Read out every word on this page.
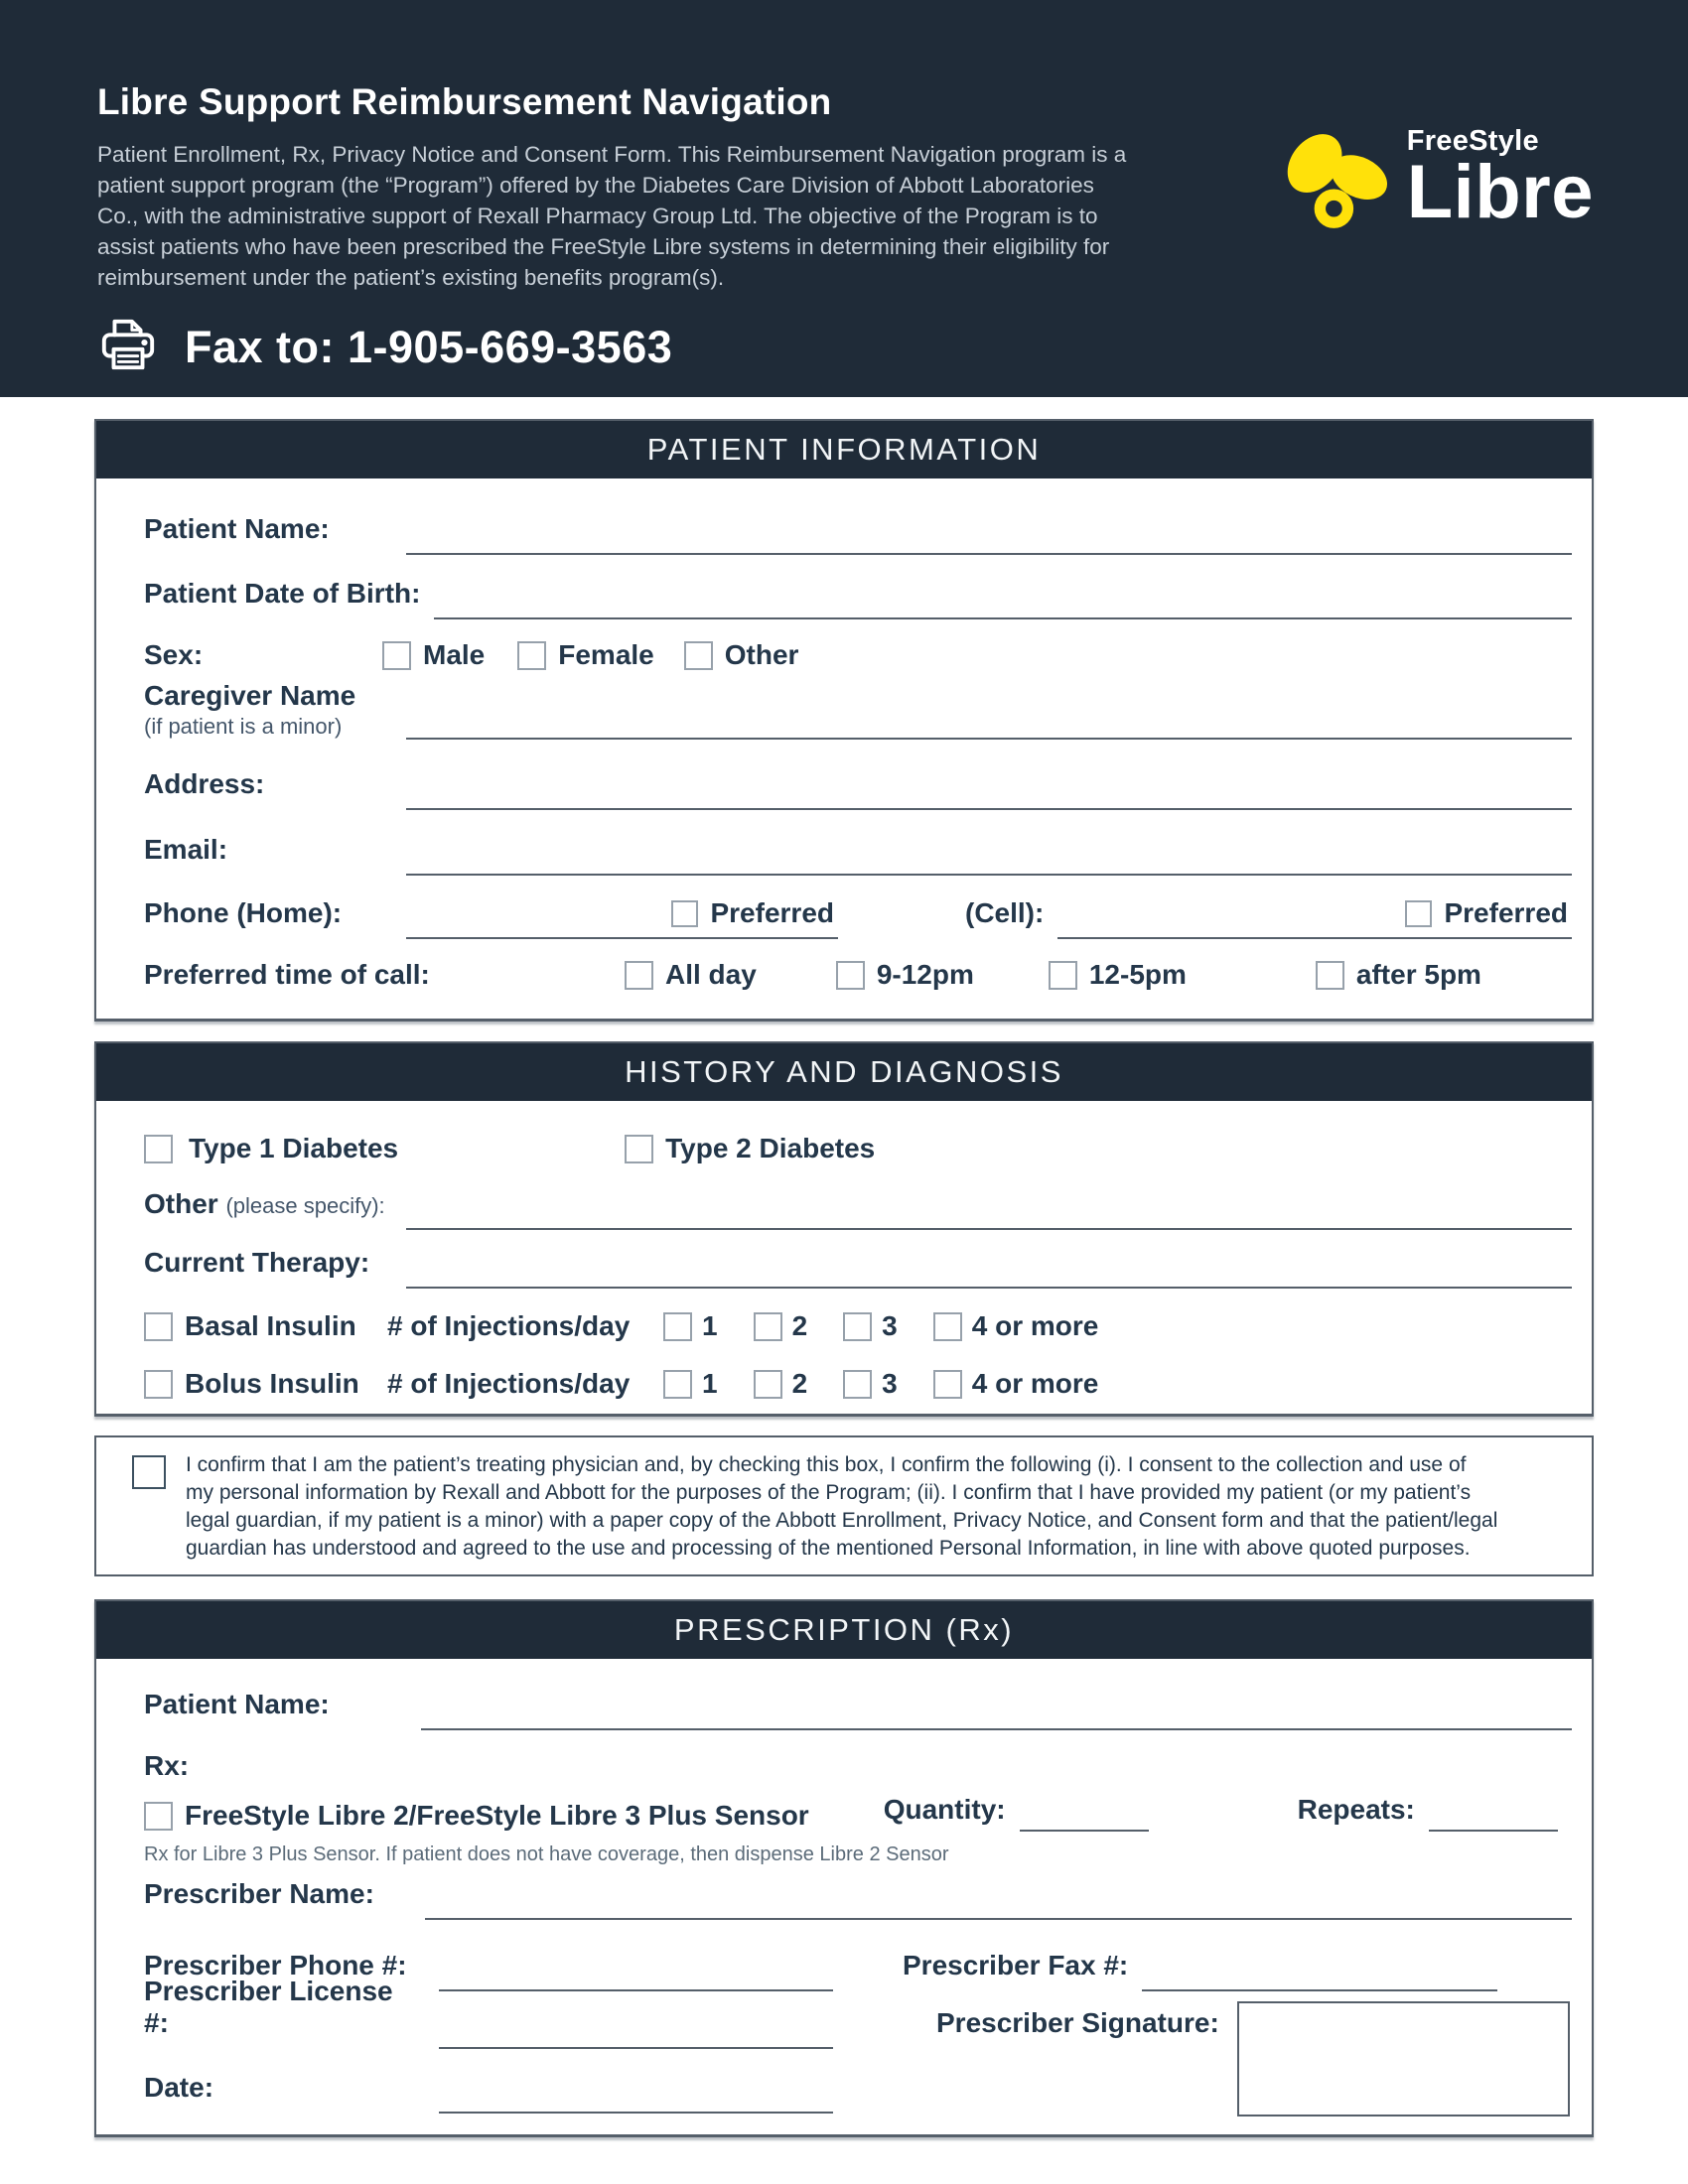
Libre Support Reimbursement Navigation
Patient Enrollment, Rx, Privacy Notice and Consent Form. This Reimbursement Navigation program is a
patient support program (the “Program”) offered by the Diabetes Care Division of Abbott Laboratories
Co., with the administrative support of Rexall Pharmacy Group Ltd. The objective of the Program is to
assist patients who have been prescribed the FreeStyle Libre systems in determining their eligibility for
reimbursement under the patient’s existing benefits program(s).
Fax to: 1-905-669-3563
FreeStyle
Libre
PATIENT INFORMATION
Patient Name:
Patient Date of Birth:
Sex:	Male	Female	Other
Caregiver Name
(if patient is a minor)
Address:
Email:
Phone (Home):	Preferred	(Cell):	Preferred
Preferred time of call:	All day	9-12pm	12-5pm	after 5pm
HISTORY AND DIAGNOSIS
Type 1 Diabetes	Type 2 Diabetes
Other (please specify):
Current Therapy:
Basal Insulin # of Injections/day	1	2	3	4 or more
Bolus Insulin # of Injections/day	1	2	3	4 or more
I confirm that I am the patient’s treating physician and, by checking this box, I confirm the following (i). I consent to the collection and use of
my personal information by Rexall and Abbott for the purposes of the Program; (ii). I confirm that I have provided my patient (or my patient’s
legal guardian, if my patient is a minor) with a paper copy of the Abbott Enrollment, Privacy Notice, and Consent form and that the patient/legal
guardian has understood and agreed to the use and processing of the mentioned Personal Information, in line with above quoted purposes.
PRESCRIPTION (Rx)
Patient Name:
Rx:
FreeStyle Libre 2/FreeStyle Libre 3 Plus Sensor	Quantity:	Repeats:
Rx for Libre 3 Plus Sensor. If patient does not have coverage, then dispense Libre 2 Sensor
Prescriber Name:
Prescriber Phone #:	Prescriber Fax #:
Prescriber License #:
Date:
Prescriber Signature:
